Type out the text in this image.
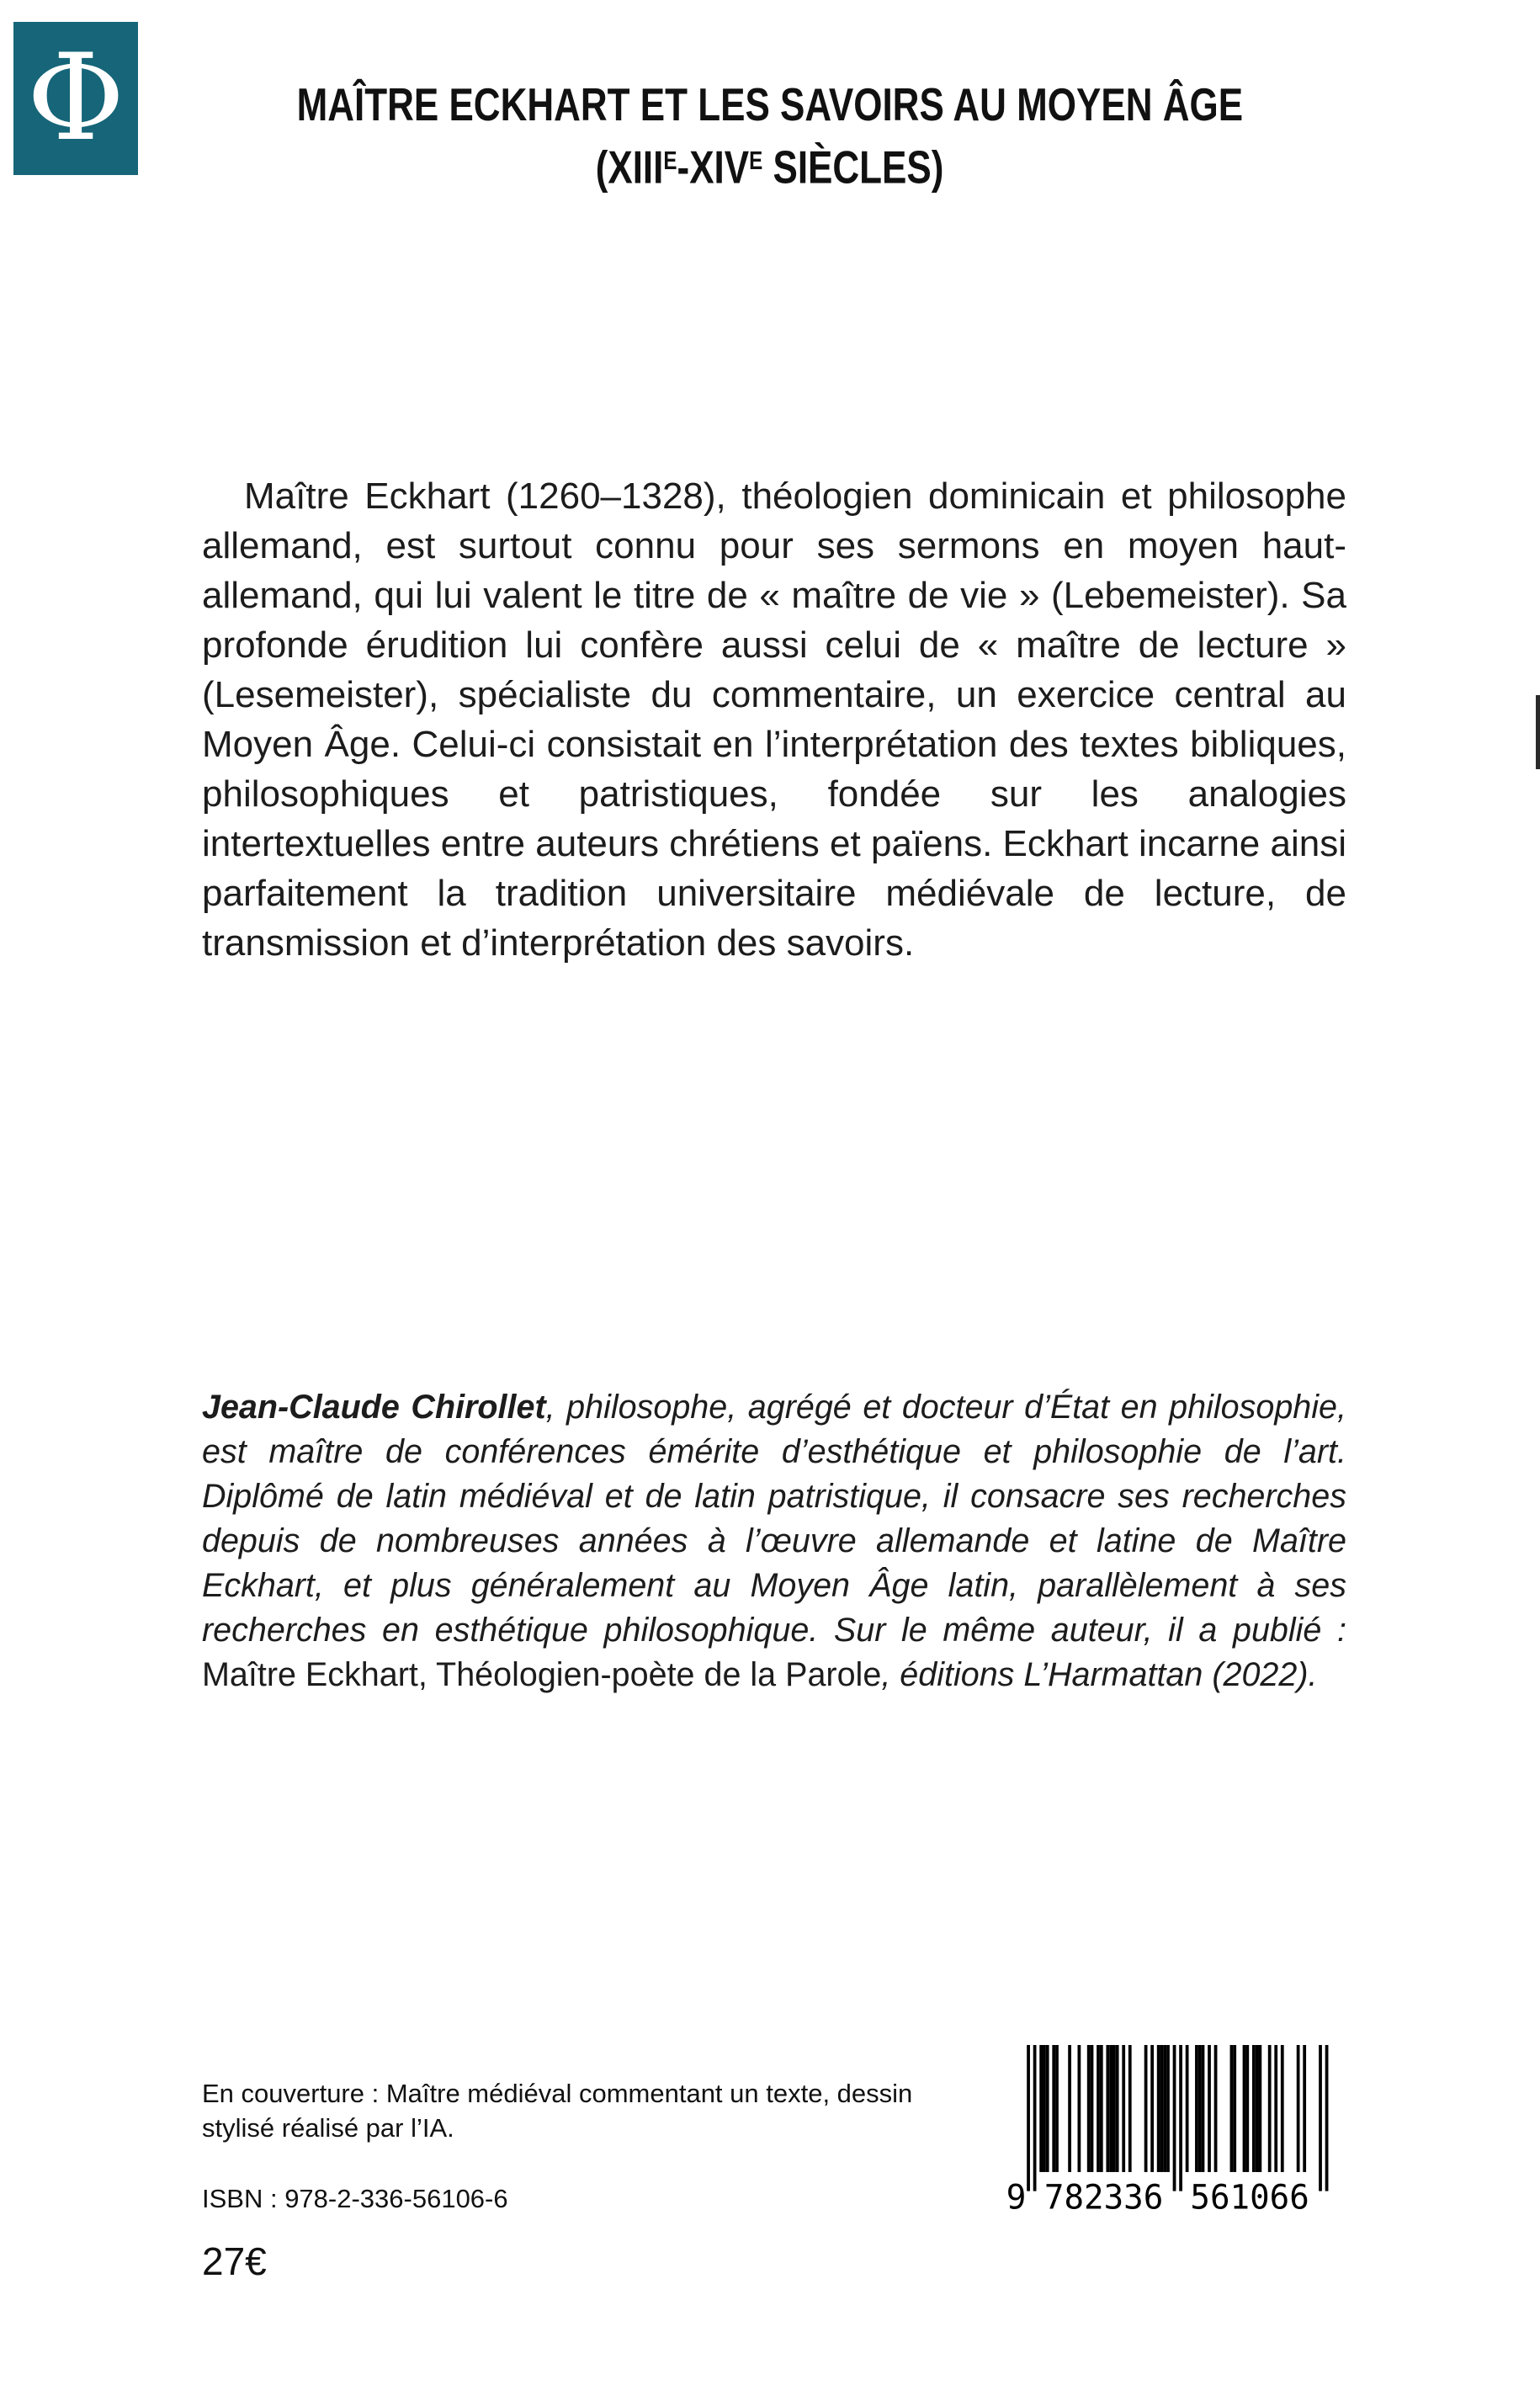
Φ	MAÎTRE ECKHART ET LES SAVOIRS AU MOYEN ÂGE
($XIII^E-XIV^E$ SIÈCLES)

Maître Eckhart (1260–1328), théologien dominicain et philosophe allemand, est surtout connu pour ses sermons en moyen haut-allemand, qui lui valent le titre de « maître de vie » (Lebemeister). Sa profonde érudition lui confère aussi celui de « maître de lecture » (Lesemeister), spécialiste du commentaire, un exercice central au Moyen Âge. Celui-ci consistait en l’interprétation des textes bibliques, philosophiques et patristiques, fondée sur les analogies intertextuelles entre auteurs chrétiens et païens. Eckhart incarne ainsi parfaitement la tradition universitaire médiévale de lecture, de transmission et d’interprétation des savoirs.

Jean-Claude Chirollet, philosophe, agrégé et docteur d’État en philosophie, est maître de conférences émérite d’esthétique et philosophie de l’art. Diplômé de latin médiéval et de latin patristique, il consacre ses recherches depuis de nombreuses années à l’œuvre allemande et latine de Maître Eckhart, et plus généralement au Moyen Âge latin, parallèlement à ses recherches en esthétique philosophique. Sur le même auteur, il a publié : Maître Eckhart, Théologien-poète de la Parole, éditions L’Harmattan (2022).

En couverture : Maître médiéval commentant un texte, dessin stylisé réalisé par l’IA.

ISBN : 978-2-336-56106-6

27€

9 782336	561066
